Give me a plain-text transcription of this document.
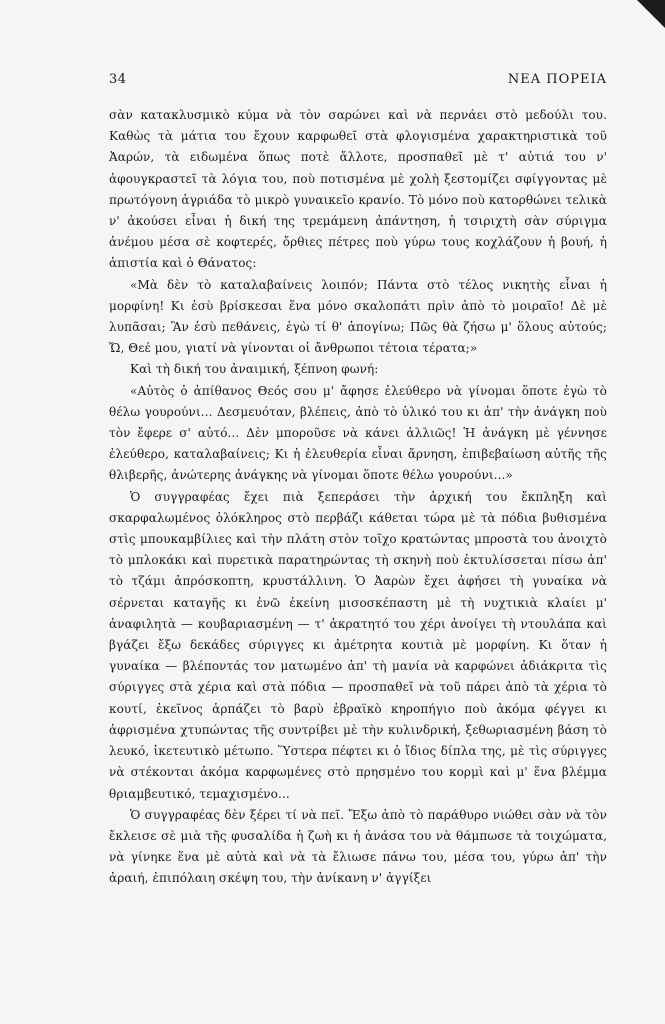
34	ΝΕΑ ΠΟΡΕΙΑ

σὰν κατακλυσμικὸ κύμα νὰ τὸν σαρώνει καὶ νὰ περνάει στὸ μεδούλι του. Καθὼς τὰ μάτια του ἔχουν καρφωθεῖ στὰ φλογισμένα χαρακτηριστικὰ τοῦ Ἀαρών, τὰ ειδωμένα ὅπως ποτὲ ἄλλοτε, προσπαθεῖ μὲ τ' αὐτιά του ν' ἀφουγκραστεῖ τὰ λόγια του, ποὺ ποτισμένα μὲ χολὴ ξεστομίζει σφίγγοντας μὲ πρωτόγονη ἀγριάδα τὸ μικρὸ γυναικεῖο κρανίο. Τὸ μόνο ποὺ κατορθώνει τελικὰ ν' ἀκούσει εἶναι ἡ δική της τρεμάμενη ἀπάντηση, ἡ τσιριχτὴ σὰν σύριγμα ἀνέμου μέσα σὲ κοφτερές, ὄρθιες πέτρες ποὺ γύρω τους κοχλάζουν ἡ βουή, ἡ ἀπιστία καὶ ὁ Θάνατος:

«Μὰ δὲν τὸ καταλαβαίνεις λοιπόν; Πάντα στὸ τέλος νικητὴς εἶναι ἡ μορφίνη! Κι ἐσὺ βρίσκεσαι ἕνα μόνο σκαλοπάτι πρὶν ἀπὸ τὸ μοιραῖο! Δὲ μὲ λυπᾶσαι; Ἂν ἐσὺ πεθάνεις, ἐγὼ τί θ' ἀπογίνω; Πῶς θὰ ζήσω μ' ὅλους αὐτούς; Ὤ, Θεέ μου, γιατί νὰ γίνονται οἱ ἄνθρωποι τέτοια τέρατα;»

Καὶ τὴ δική του ἀναιμική, ξέπνοη φωνή:

«Αὐτὸς ὁ ἀπίθανος Θεός σου μ' ἄφησε ἐλεύθερο νὰ γίνομαι ὅποτε ἐγὼ τὸ θέλω γουρούνι... Δεσμευόταν, βλέπεις, ἀπὸ τὸ ὑλικό του κι ἀπ' τὴν ἀνάγκη ποὺ τὸν ἔφερε σ' αὐτό... Δὲν μποροῦσε νὰ κάνει ἀλλιῶς! Ἡ ἀνάγκη μὲ γέννησε ἐλεύθερο, καταλαβαίνεις; Κι ἡ ἐλευθερία εἶναι ἄρνηση, ἐπιβεβαίωση αὐτῆς τῆς θλιβερῆς, ἀνώτερης ἀνάγκης νὰ γίνομαι ὅποτε θέλω γουρούνι...»

Ὁ συγγραφέας ἔχει πιὰ ξεπεράσει τὴν ἀρχική του ἔκπληξη καὶ σκαρφαλωμένος ὁλόκληρος στὸ περβάζι κάθεται τώρα μὲ τὰ πόδια βυθισμένα στὶς μπουκαμβίλιες καὶ τὴν πλάτη στὸν τοῖχο κρατώντας μπροστὰ του ἀνοιχτὸ τὸ μπλοκάκι καὶ πυρετικὰ παρατηρώντας τὴ σκηνὴ ποὺ ἐκτυλίσσεται πίσω ἀπ' τὸ τζάμι ἀπρόσκοπτη, κρυστάλλινη. Ὁ Ἀαρὼν ἔχει ἀφήσει τὴ γυναίκα νὰ σέρνεται καταγῆς κι ἐνῶ ἐκείνη μισοσκέπαστη μὲ τὴ νυχτικιὰ κλαίει μ' ἀναφιλητὰ — κουβαριασμένη — τ' ἀκρατητό του χέρι ἀνοίγει τὴ ντουλάπα καὶ βγάζει ἔξω δεκάδες σύριγγες κι ἀμέτρητα κουτιὰ μὲ μορφίνη. Κι ὅταν ἡ γυναίκα — βλέποντάς τον ματωμένο ἀπ' τὴ μανία νὰ καρφώνει ἀδιάκριτα τὶς σύριγγες στὰ χέρια καὶ στὰ πόδια — προσπαθεῖ νὰ τοῦ πάρει ἀπὸ τὰ χέρια τὸ κουτί, ἐκεῖνος ἁρπάζει τὸ βαρὺ ἑβραϊκὸ κηροπήγιο ποὺ ἀκόμα φέγγει κι ἀφρισμένα χτυπώντας τῆς συντρίβει μὲ τὴν κυλινδρική, ξεθωριασμένη βάση τὸ λευκό, ἱκετευτικὸ μέτωπο. Ὕστερα πέφτει κι ὁ ἴδιος δίπλα της, μὲ τὶς σύριγγες νὰ στέκονται ἀκόμα καρφωμένες στὸ πρησμένο του κορμὶ καὶ μ' ἕνα βλέμμα θριαμβευτικό, τεμαχισμένο...

Ὁ συγγραφέας δὲν ξέρει τί νὰ πεῖ. Ἔξω ἀπὸ τὸ παράθυρο νιώθει σὰν νὰ τὸν ἔκλεισε σὲ μιὰ τῆς φυσαλίδα ἡ ζωὴ κι ἡ ἀνάσα του νὰ θάμπωσε τὰ τοιχώματα, νὰ γίνηκε ἕνα μὲ αὐτὰ καὶ νὰ τὰ ἔλιωσε πάνω του, μέσα του, γύρω ἀπ' τὴν ἀραιή, ἐπιπόλαιη σκέψη του, τὴν ἀνίκανη ν' ἀγγίξει
